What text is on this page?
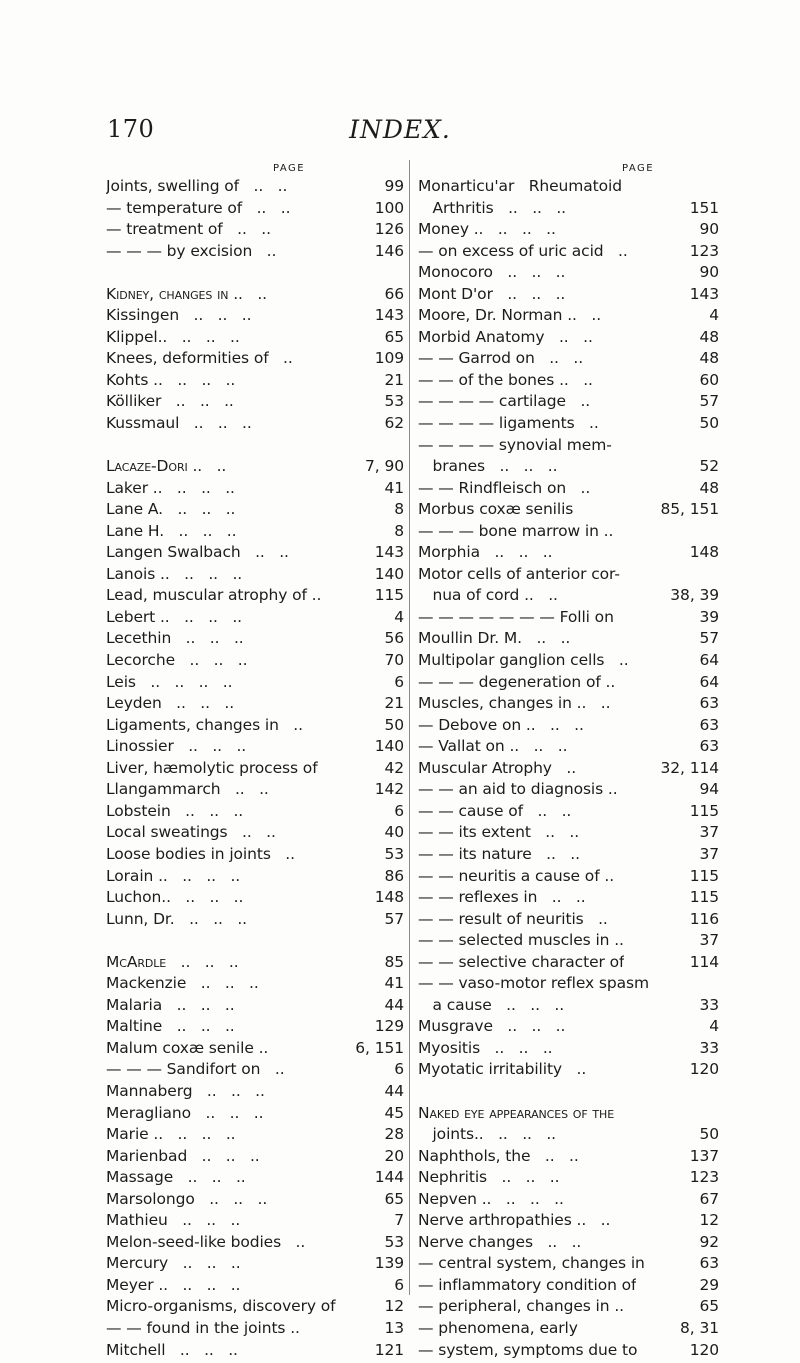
170	INDEX.
PAGE	PAGE
Joints, swelling of   ..   ..	99
— temperature of   ..   ..	100
— treatment of   ..   ..	126
— — — by excision   ..	146
Kidney, changes in ..   ..	66
Kissingen   ..   ..   ..	143
Klippel..   ..   ..   ..	65
Knees, deformities of   ..	109
Kohts ..   ..   ..   ..	21
Kölliker   ..   ..   ..	53
Kussmaul   ..   ..   ..	62
Lacaze-Dori ..   ..	7, 90
Laker ..   ..   ..   ..	41
Lane A.   ..   ..   ..	8
Lane H.   ..   ..   ..	8
Langen Swalbach   ..   ..	143
Lanois ..   ..   ..   ..	140
Lead, muscular atrophy of ..	115
Lebert ..   ..   ..   ..	4
Lecethin   ..   ..   ..	56
Lecorche   ..   ..   ..	70
Leis   ..   ..   ..   ..	6
Leyden   ..   ..   ..	21
Ligaments, changes in   ..	50
Linossier   ..   ..   ..	140
Liver, hæmolytic process of	42
Llangammarch   ..   ..	142
Lobstein   ..   ..   ..	6
Local sweatings   ..   ..	40
Loose bodies in joints   ..	53
Lorain ..   ..   ..   ..	86
Luchon..   ..   ..   ..	148
Lunn, Dr.   ..   ..   ..	57
McArdle   ..   ..   ..	85
Mackenzie   ..   ..   ..	41
Malaria   ..   ..   ..	44
Maltine   ..   ..   ..	129
Malum coxæ senile ..	6, 151
— — — Sandifort on   ..	6
Mannaberg   ..   ..   ..	44
Meragliano   ..   ..   ..	45
Marie ..   ..   ..   ..	28
Marienbad   ..   ..   ..	20
Massage   ..   ..   ..	144
Marsolongo   ..   ..   ..	65
Mathieu   ..   ..   ..	7
Melon-seed-like bodies   ..	53
Mercury   ..   ..   ..	139
Meyer ..   ..   ..   ..	6
Micro-organisms, discovery of	12
— — found in the joints ..	13
Mitchell   ..   ..   ..	121
Monarticu'ar   Rheumatoid
Arthritis   ..   ..   ..	151
Money ..   ..   ..   ..	90
— on excess of uric acid   ..	123
Monocoro   ..   ..   ..	90
Mont D'or   ..   ..   ..	143
Moore, Dr. Norman ..   ..	4
Morbid Anatomy   ..   ..	48
— — Garrod on   ..   ..	48
— — of the bones ..   ..	60
— — — — cartilage   ..	57
— — — — ligaments   ..	50
— — — — synovial mem-
branes   ..   ..   ..	52
— — Rindfleisch on   ..	48
Morbus coxæ senilis	85, 151
— — — bone marrow in ..
Morphia   ..   ..   ..	148
Motor cells of anterior cor-
nua of cord ..   ..	38, 39
— — — — — — — Folli on	39
Moullin Dr. M.   ..   ..	57
Multipolar ganglion cells   ..	64
— — — degeneration of ..	64
Muscles, changes in ..   ..	63
— Debove on ..   ..   ..	63
— Vallat on ..   ..   ..	63
Muscular Atrophy   ..	32, 114
— — an aid to diagnosis ..	94
— — cause of   ..   ..	115
— — its extent   ..   ..	37
— — its nature   ..   ..	37
— — neuritis a cause of ..	115
— — reflexes in   ..   ..	115
— — result of neuritis   ..	116
— — selected muscles in ..	37
— — selective character of	114
— — vaso-motor reflex spasm
a cause   ..   ..   ..	33
Musgrave   ..   ..   ..	4
Myositis   ..   ..   ..	33
Myotatic irritability   ..	120
Naked eye appearances of the
joints..   ..   ..   ..	50
Naphthols, the   ..   ..	137
Nephritis   ..   ..   ..	123
Nepven ..   ..   ..   ..	67
Nerve arthropathies ..   ..	12
Nerve changes   ..   ..	92
— central system, changes in	63
— inflammatory condition of	29
— peripheral, changes in ..	65
— phenomena, early	8, 31
— system, symptoms due to	120
